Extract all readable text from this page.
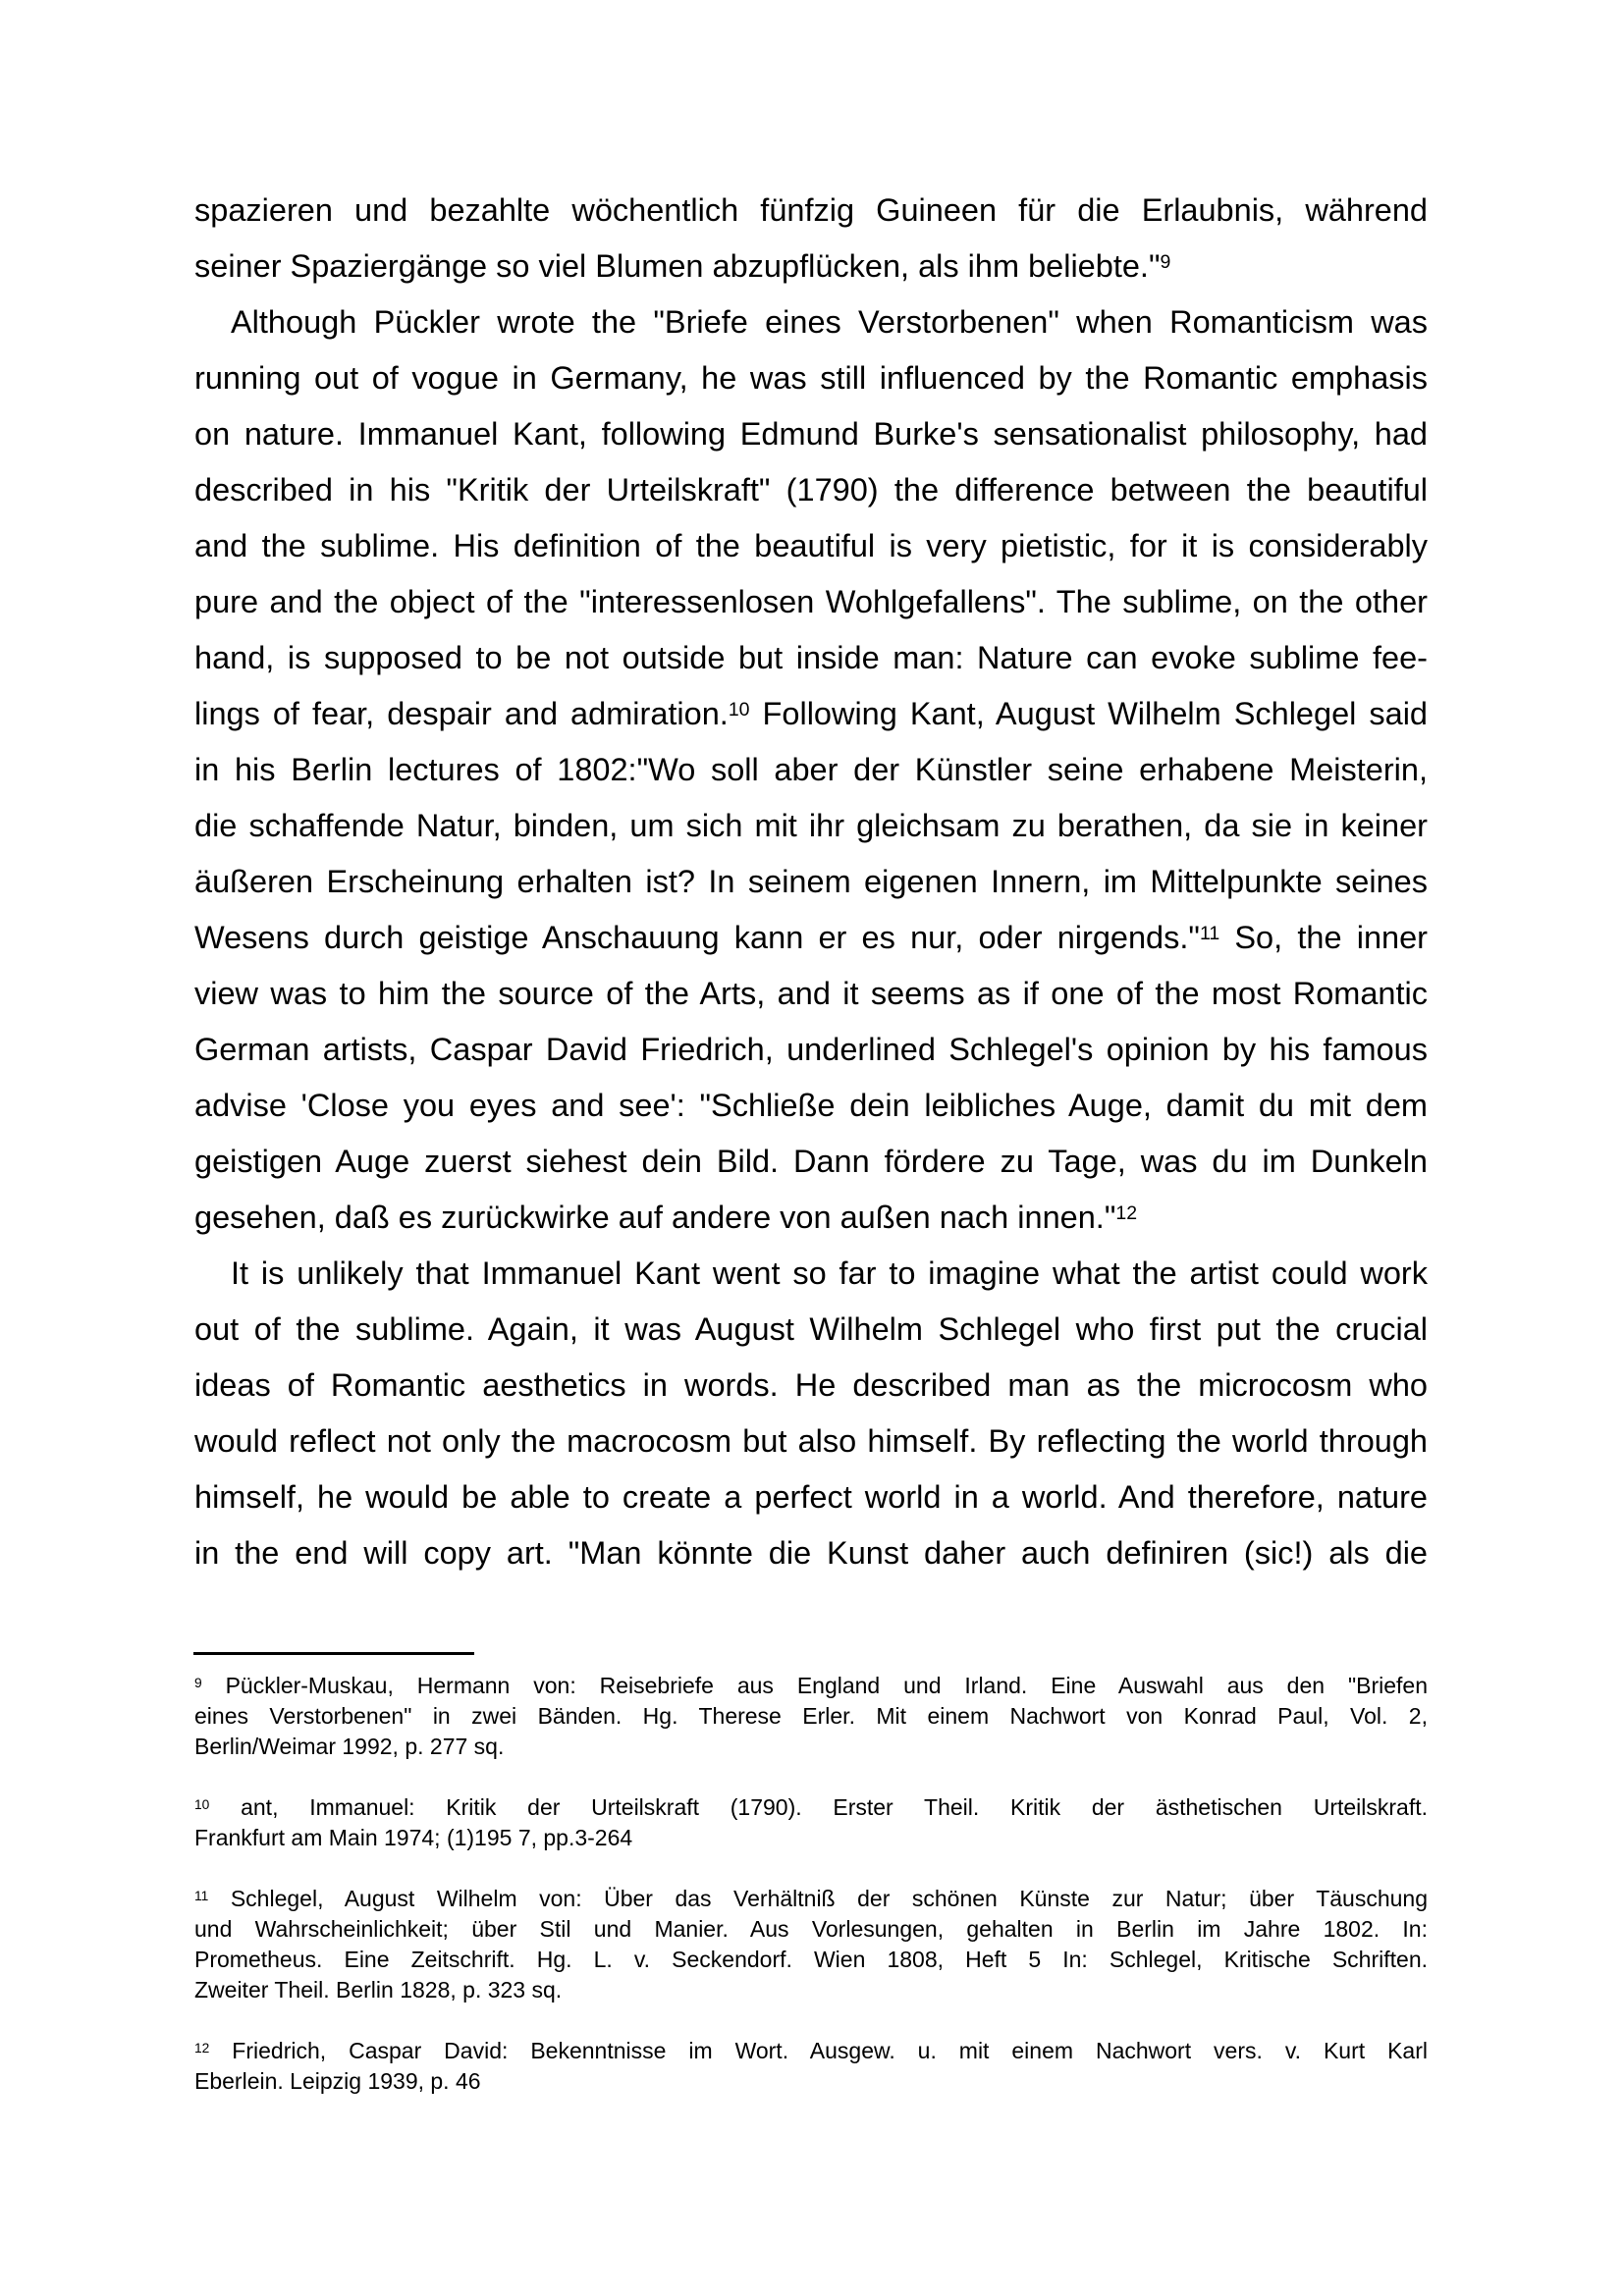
spazieren und bezahlte wöchentlich fünfzig Guineen für die Erlaubnis, während
seiner Spaziergänge so viel Blumen abzupflücken, als ihm beliebte."$^9$
Although Pückler wrote the "Briefe eines Verstorbenen" when Romanticism was
running out of vogue in Germany, he was still influenced by the Romantic emphasis
on nature. Immanuel Kant, following Edmund Burke's sensationalist philosophy, had
described in his "Kritik der Urteilskraft" (1790) the difference between the beautiful
and the sublime. His definition of the beautiful is very pietistic, for it is considerably
pure and the object of the "interessenlosen Wohlgefallens". The sublime, on the other
hand, is supposed to be not outside but inside man: Nature can evoke sublime fee-
lings of fear, despair and admiration.$^{10}$ Following Kant, August Wilhelm Schlegel said
in his Berlin lectures of 1802:"Wo soll aber der Künstler seine erhabene Meisterin,
die schaffende Natur, binden, um sich mit ihr gleichsam zu berathen, da sie in keiner
äußeren Erscheinung erhalten ist? In seinem eigenen Innern, im Mittelpunkte seines
Wesens durch geistige Anschauung kann er es nur, oder nirgends."$^{11}$ So, the inner
view was to him the source of the Arts, and it seems as if one of the most Romantic
German artists, Caspar David Friedrich, underlined Schlegel's opinion by his famous
advise 'Close you eyes and see': "Schließe dein leibliches Auge, damit du mit dem
geistigen Auge zuerst siehest dein Bild. Dann fördere zu Tage, was du im Dunkeln
gesehen, daß es zurückwirke auf andere von außen nach innen."$^{12}$
It is unlikely that Immanuel Kant went so far to imagine what the artist could work
out of the sublime. Again, it was August Wilhelm Schlegel who first put the crucial
ideas of Romantic aesthetics in words. He described man as the microcosm who
would reflect not only the macrocosm but also himself. By reflecting the world through
himself, he would be able to create a perfect world in a world. And therefore, nature
in the end will copy art. "Man könnte die Kunst daher auch definiren (sic!) als die
$^9$ Pückler-Muskau, Hermann von: Reisebriefe aus England und Irland. Eine Auswahl aus den "Briefen
eines Verstorbenen" in zwei Bänden. Hg. Therese Erler. Mit einem Nachwort von Konrad Paul, Vol. 2,
Berlin/Weimar 1992, p. 277 sq.
$^{10}$ ant, Immanuel: Kritik der Urteilskraft (1790). Erster Theil. Kritik der ästhetischen Urteilskraft.
Frankfurt am Main 1974; (1)195 7, pp.3-264
$^{11}$ Schlegel, August Wilhelm von: Über das Verhältniß der schönen Künste zur Natur; über Täuschung
und Wahrscheinlichkeit; über Stil und Manier. Aus Vorlesungen, gehalten in Berlin im Jahre 1802. In:
Prometheus. Eine Zeitschrift. Hg. L. v. Seckendorf. Wien 1808, Heft 5 In: Schlegel, Kritische Schriften.
Zweiter Theil. Berlin 1828, p. 323 sq.
$^{12}$ Friedrich, Caspar David: Bekenntnisse im Wort. Ausgew. u. mit einem Nachwort vers. v. Kurt Karl
Eberlein. Leipzig 1939, p. 46
